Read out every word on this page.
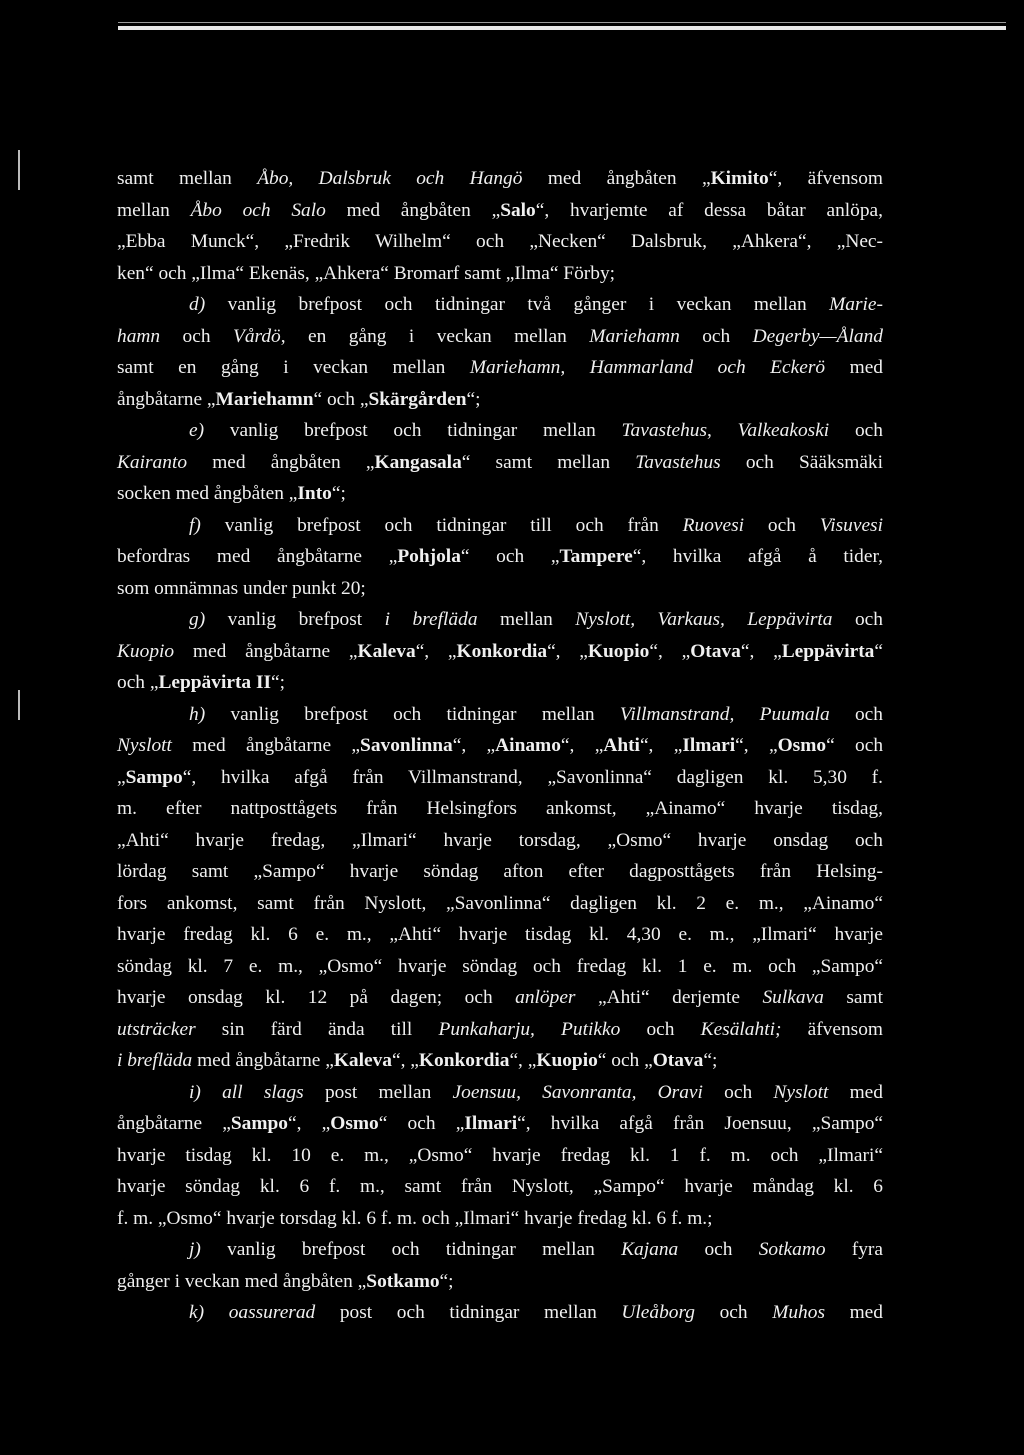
samt mellan Åbo, Dalsbruk och Hangö med ångbåten „Kimito“, äfvensom
mellan Åbo och Salo med ångbåten „Salo“, hvarjemte af dessa båtar anlöpa,
„Ebba Munck“, „Fredrik Wilhelm“ och „Necken“ Dalsbruk, „Ahkera“, „Nec-
ken“ och „Ilma“ Ekenäs, „Ahkera“ Bromarf samt „Ilma“ Förby;
d) vanlig brefpost och tidningar två gånger i veckan mellan Marie-
hamn och Vårdö, en gång i veckan mellan Mariehamn och Degerby—Åland
samt en gång i veckan mellan Mariehamn, Hammarland och Eckerö med
ångbåtarne „Mariehamn“ och „Skärgården“;
e) vanlig brefpost och tidningar mellan Tavastehus, Valkeakoski och
Kairanto med ångbåten „Kangasala“ samt mellan Tavastehus och Sääksmäki
socken med ångbåten „Into“;
f) vanlig brefpost och tidningar till och från Ruovesi och Visuvesi
befordras med ångbåtarne „Pohjola“ och „Tampere“, hvilka afgå å tider,
som omnämnas under punkt 20;
g) vanlig brefpost i brefläda mellan Nyslott, Varkaus, Leppävirta och
Kuopio med ångbåtarne „Kaleva“, „Konkordia“, „Kuopio“, „Otava“, „Leppävirta“
och „Leppävirta II“;
h) vanlig brefpost och tidningar mellan Villmanstrand, Puumala och
Nyslott med ångbåtarne „Savonlinna“, „Ainamo“, „Ahti“, „Ilmari“, „Osmo“ och
„Sampo“, hvilka afgå från Villmanstrand, „Savonlinna“ dagligen kl. 5,30 f.
m. efter nattposttågets från Helsingfors ankomst, „Ainamo“ hvarje tisdag,
„Ahti“ hvarje fredag, „Ilmari“ hvarje torsdag, „Osmo“ hvarje onsdag och
lördag samt „Sampo“ hvarje söndag afton efter dagposttågets från Helsing-
fors ankomst, samt från Nyslott, „Savonlinna“ dagligen kl. 2 e. m., „Ainamo“
hvarje fredag kl. 6 e. m., „Ahti“ hvarje tisdag kl. 4,30 e. m., „Ilmari“ hvarje
söndag kl. 7 e. m., „Osmo“ hvarje söndag och fredag kl. 1 e. m. och „Sampo“
hvarje onsdag kl. 12 på dagen; och anlöper „Ahti“ derjemte Sulkava samt
utsträcker sin färd ända till Punkaharju, Putikko och Kesälahti; äfvensom
i brefläda med ångbåtarne „Kaleva“, „Konkordia“, „Kuopio“ och „Otava“;
i) all slags post mellan Joensuu, Savonranta, Oravi och Nyslott med
ångbåtarne „Sampo“, „Osmo“ och „Ilmari“, hvilka afgå från Joensuu, „Sampo“
hvarje tisdag kl. 10 e. m., „Osmo“ hvarje fredag kl. 1 f. m. och „Ilmari“
hvarje söndag kl. 6 f. m., samt från Nyslott, „Sampo“ hvarje måndag kl. 6
f. m. „Osmo“ hvarje torsdag kl. 6 f. m. och „Ilmari“ hvarje fredag kl. 6 f. m.;
j) vanlig brefpost och tidningar mellan Kajana och Sotkamo fyra
gånger i veckan med ångbåten „Sotkamo“;
k) oassurerad post och tidningar mellan Uleåborg och Muhos med
